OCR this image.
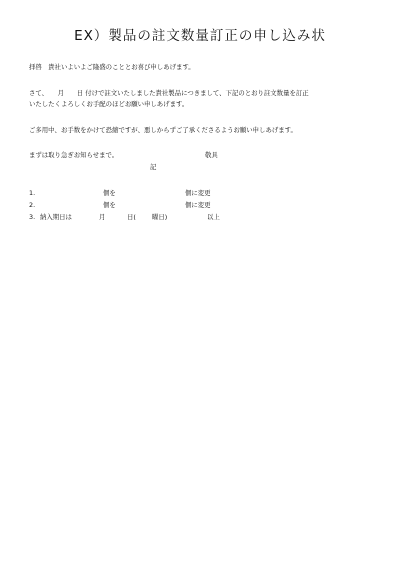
EX）製品の註文数量訂正の申し込み状
拝啓　貴社いよいよご隆盛のこととお喜び申しあげます。
さて、　　月　　日 付けで註文いたしました貴社製品につきまして、下記のとおり註文数量を訂正
いたしたくよろしくお手配のほどお願い申しあげます。
ご多用中、お手数をかけて恐縮ですが、悪しからずご了承くださるようお願い申しあげます。
まずは取り急ぎお知らせまで。	敬具
記
1.	個を	個に変更
2.	個を	個に変更
3. 納入期日は	月	日(	曜日)	以上
